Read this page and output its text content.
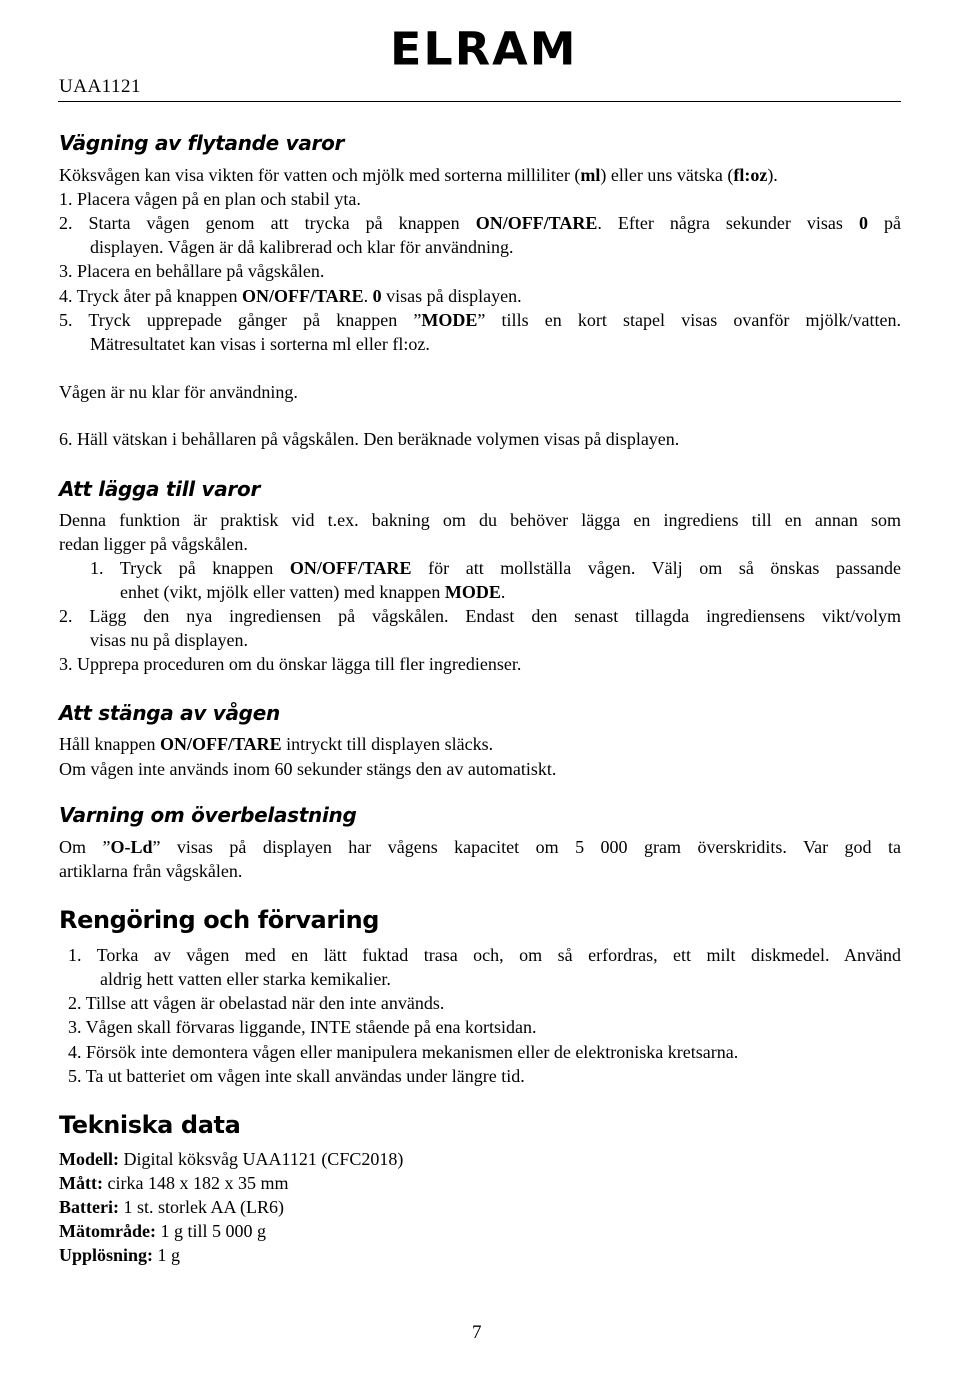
UAA1121
ELRAM
Vägning av flytande varor
Köksvågen kan visa vikten för vatten och mjölk med sorterna milliliter (ml) eller uns vätska (fl:oz).
1. Placera vågen på en plan och stabil yta.
2. Starta vågen genom att trycka på knappen ON/OFF/TARE. Efter några sekunder visas 0 på
displayen. Vågen är då kalibrerad och klar för användning.
3. Placera en behållare på vågskålen.
4. Tryck åter på knappen ON/OFF/TARE. 0 visas på displayen.
5. Tryck upprepade gånger på knappen ”MODE” tills en kort stapel visas ovanför mjölk/vatten.
Mätresultatet kan visas i sorterna ml eller fl:oz.
Vågen är nu klar för användning.
6. Häll vätskan i behållaren på vågskålen. Den beräknade volymen visas på displayen.
Att lägga till varor
Denna funktion är praktisk vid t.ex. bakning om du behöver lägga en ingrediens till en annan som
redan ligger på vågskålen.
1. Tryck på knappen ON/OFF/TARE för att mollställa vågen. Välj om så önskas passande
enhet (vikt, mjölk eller vatten) med knappen MODE.
2. Lägg den nya ingrediensen på vågskålen. Endast den senast tillagda ingrediensens vikt/volym
visas nu på displayen.
3. Upprepa proceduren om du önskar lägga till fler ingredienser.
Att stänga av vågen
Håll knappen ON/OFF/TARE intryckt till displayen släcks.
Om vågen inte används inom 60 sekunder stängs den av automatiskt.
Varning om överbelastning
Om ”O-Ld” visas på displayen har vågens kapacitet om 5 000 gram överskridits. Var god ta
artiklarna från vågskålen.
Rengöring och förvaring
1. Torka av vågen med en lätt fuktad trasa och, om så erfordras, ett milt diskmedel. Använd
aldrig hett vatten eller starka kemikalier.
2. Tillse att vågen är obelastad när den inte används.
3. Vågen skall förvaras liggande, INTE stående på ena kortsidan.
4. Försök inte demontera vågen eller manipulera mekanismen eller de elektroniska kretsarna.
5. Ta ut batteriet om vågen inte skall användas under längre tid.
Tekniska data
Modell: Digital köksvåg UAA1121 (CFC2018)
Mått: cirka 148 x 182 x 35 mm
Batteri: 1 st. storlek AA (LR6)
Mätområde: 1 g till 5 000 g
Upplösning: 1 g
7
